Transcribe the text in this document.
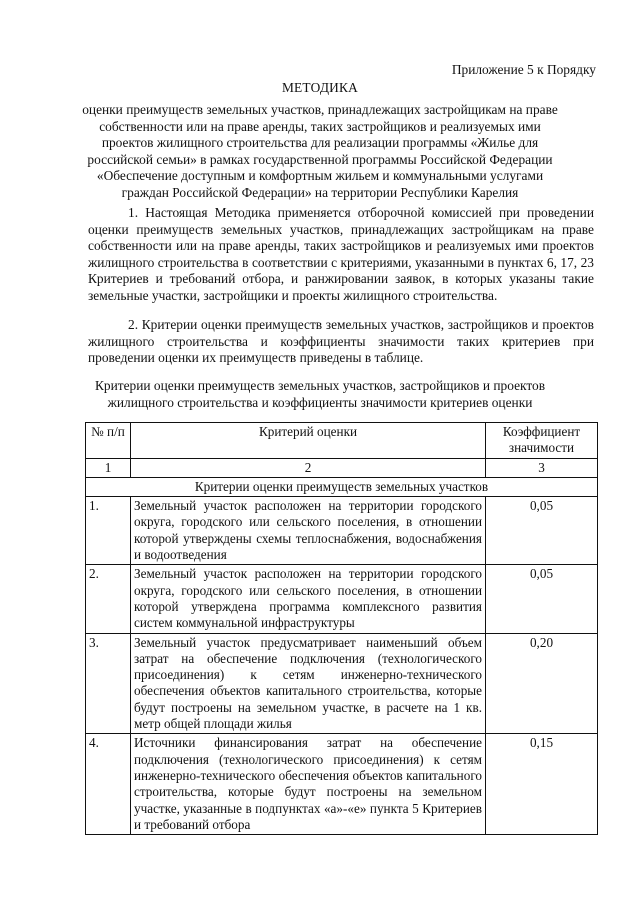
Приложение 5 к Порядку
МЕТОДИКА
оценки преимуществ земельных участков, принадлежащих застройщикам на праве собственности или на праве аренды, таких застройщиков и реализуемых ими проектов жилищного строительства для реализации программы «Жилье для российской семьи» в рамках государственной программы Российской Федерации «Обеспечение доступным и комфортным жильем и коммунальными услугами граждан Российской Федерации» на территории Республики Карелия

1. Настоящая Методика применяется отборочной комиссией при проведении оценки преимуществ земельных участков, принадлежащих застройщикам на праве собственности или на праве аренды, таких застройщиков и реализуемых ими проектов жилищного строительства в соответствии с критериями, указанными в пунктах 6, 17, 23 Критериев и требований отбора, и ранжировании заявок, в которых указаны такие земельные участки, застройщики и проекты жилищного строительства.

2. Критерии оценки преимуществ земельных участков, застройщиков и проектов жилищного строительства и коэффициенты значимости таких критериев при проведении оценки их преимуществ приведены в таблице.

Критерии оценки преимуществ земельных участков, застройщиков и проектов жилищного строительства и коэффициенты значимости критериев оценки
№ п/п	Критерий оценки	Коэффициент значимости
1	2	3
Критерии оценки преимуществ земельных участков		
1.	Земельный участок расположен на территории городского округа, городского или сельского поселения, в отношении которой утверждены схемы теплоснабжения, водоснабжения и водоотведения	0,05
2.	Земельный участок расположен на территории городского округа, городского или сельского поселения, в отношении которой утверждена программа комплексного развития систем коммунальной инфраструктуры	0,05
3.	Земельный участок предусматривает наименьший объем затрат на обеспечение подключения (технологического присоединения) к сетям инженерно-технического обеспечения объектов капитального строительства, которые будут построены на земельном участке, в расчете на 1 кв. метр общей площади жилья	0,20
4.	Источники финансирования затрат на обеспечение подключения (технологического присоединения) к сетям инженерно-технического обеспечения объектов капитального строительства, которые будут построены на земельном участке, указанные в подпунктах «а»-«е» пункта 5 Критериев и требований отбора	0,15
